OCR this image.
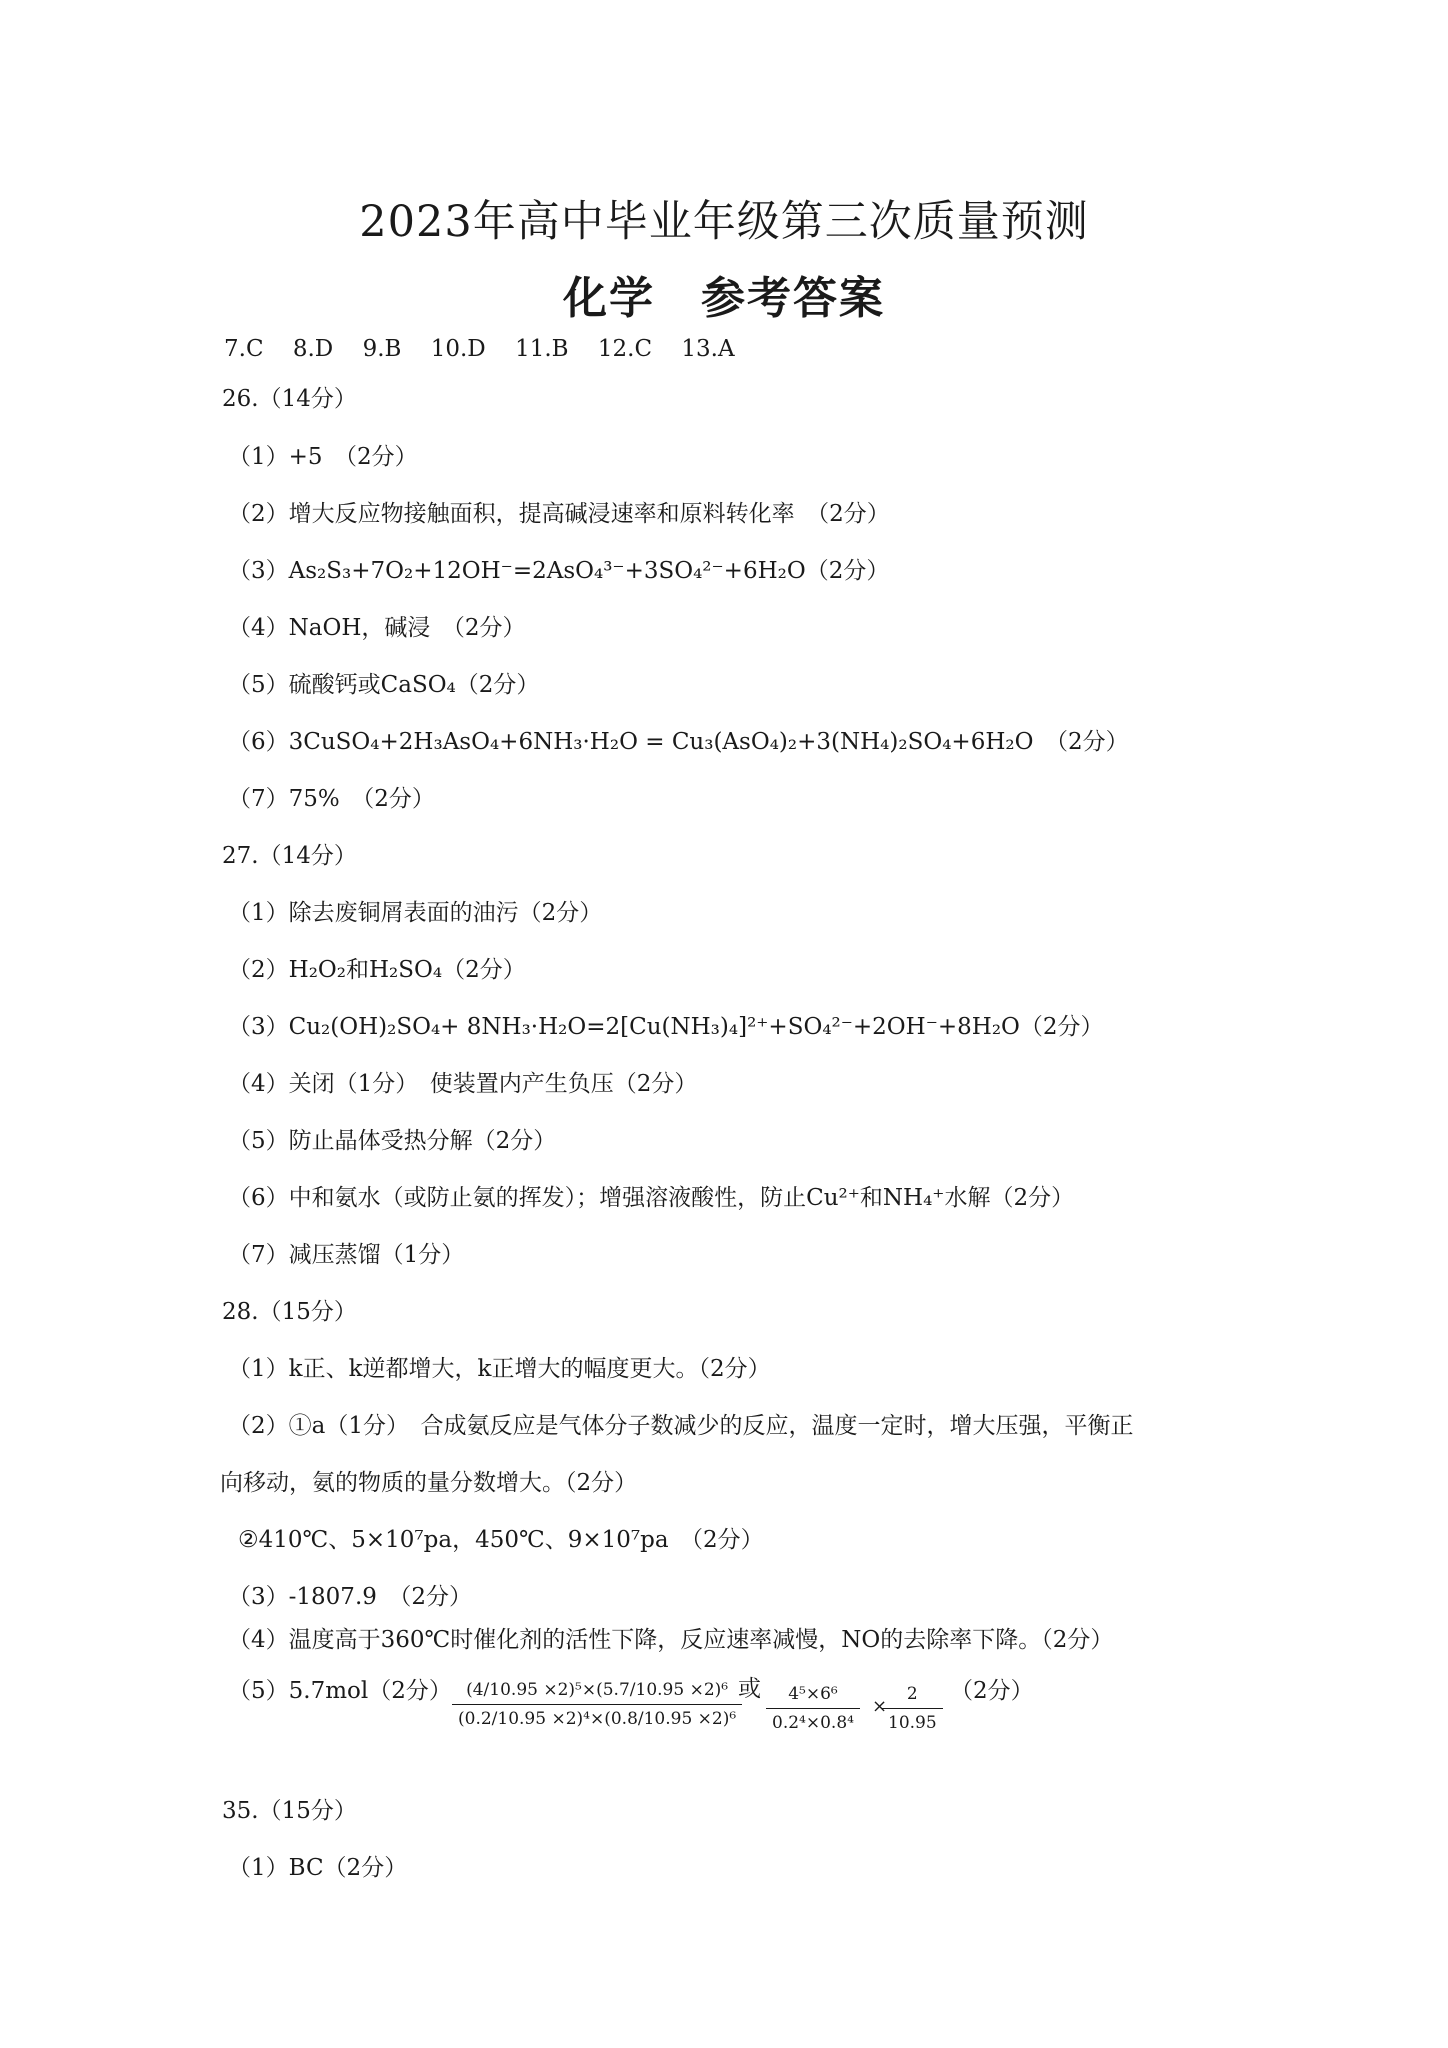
2023年高中毕业年级第三次质量预测
化学　参考答案
7.C 8.D 9.B 10.D 11.B 12.C 13.A
26.（14分）
（1）+5　（2分）
（2）增大反应物接触面积，提高碱浸速率和原料转化率　（2分）
（3）As₂S₃+7O₂+12OH⁻=2AsO₄³⁻+3SO₄²⁻+6H₂O（2分）
（4）NaOH，碱浸　（2分）
（5）硫酸钙或CaSO₄（2分）
（6）3CuSO₄+2H₃AsO₄+6NH₃·H₂O = Cu₃(AsO₄)₂+3(NH₄)₂SO₄+6H₂O　（2分）
（7）75%　（2分）
27.（14分）
（1）除去废铜屑表面的油污（2分）
（2）H₂O₂和H₂SO₄（2分）
（3）Cu₂(OH)₂SO₄+ 8NH₃·H₂O=2[Cu(NH₃)₄]²⁺+SO₄²⁻+2OH⁻+8H₂O（2分）
（4）关闭（1分）　使装置内产生负压（2分）
（5）防止晶体受热分解（2分）
（6）中和氨水（或防止氨的挥发）；增强溶液酸性，防止Cu²⁺和NH₄⁺水解（2分）
（7）减压蒸馏（1分）
28.（15分）
（1）k正、k逆都增大，k正增大的幅度更大。（2分）
（2）①a（1分）　合成氨反应是气体分子数减少的反应，温度一定时，增大压强，平衡正
向移动，氨的物质的量分数增大。（2分）
②410℃、5×10⁷pa，450℃、9×10⁷pa　（2分）
（3）-1807.9　（2分）
（4）温度高于360℃时催化剂的活性下降，反应速率减慢，NO的去除率下降。（2分）
（5）5.7mol（2分） (4/10.95 ×2)⁵×(5.7/10.95 ×2)⁶
(0.2/10.95 ×2)⁴×(0.8/10.95 ×2)⁶
或	4⁵×6⁶
0.2⁴×0.8⁴
×
2
10.95
（2分）
35.（15分）
（1）BC（2分）
